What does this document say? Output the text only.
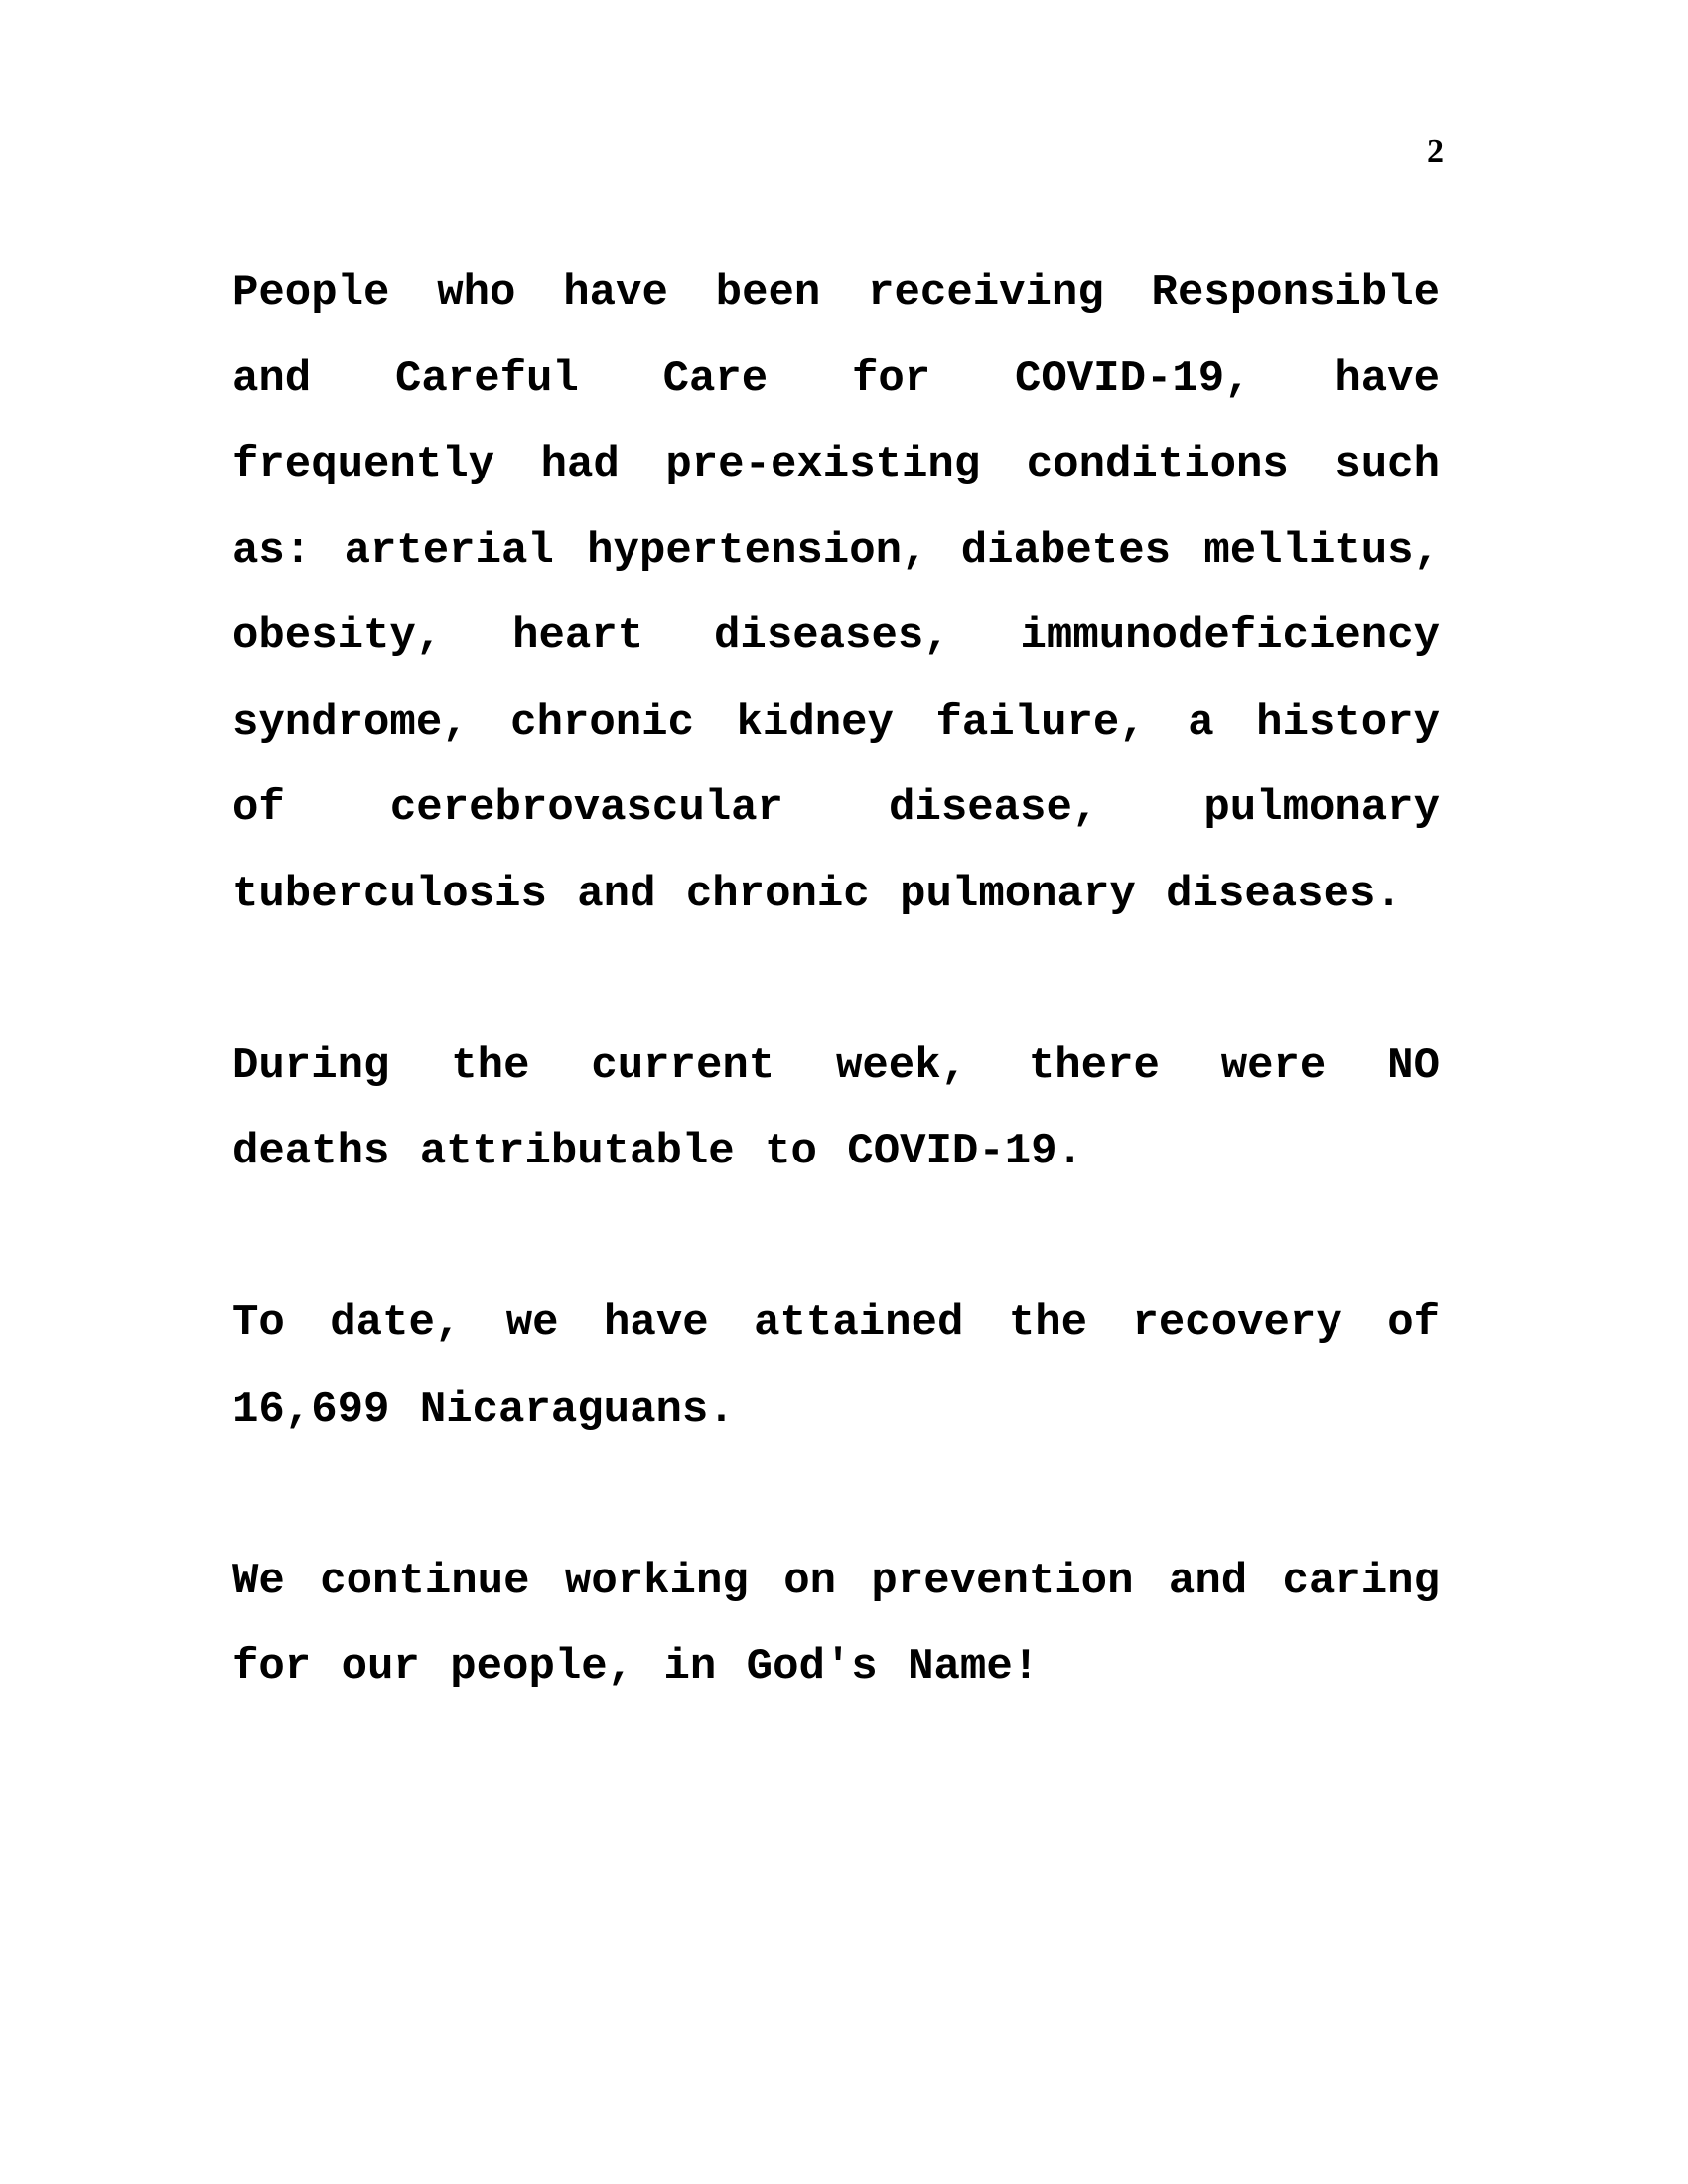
2

People who have been receiving Responsible and Careful Care for COVID-19, have frequently had pre-existing conditions such as: arterial hypertension, diabetes mellitus, obesity, heart diseases, immunodeficiency syndrome, chronic kidney failure, a history of cerebrovascular disease, pulmonary tuberculosis and chronic pulmonary diseases.

During the current week, there were NO deaths attributable to COVID-19.

To date, we have attained the recovery of 16,699 Nicaraguans.

We continue working on prevention and caring for our people, in God's Name!
